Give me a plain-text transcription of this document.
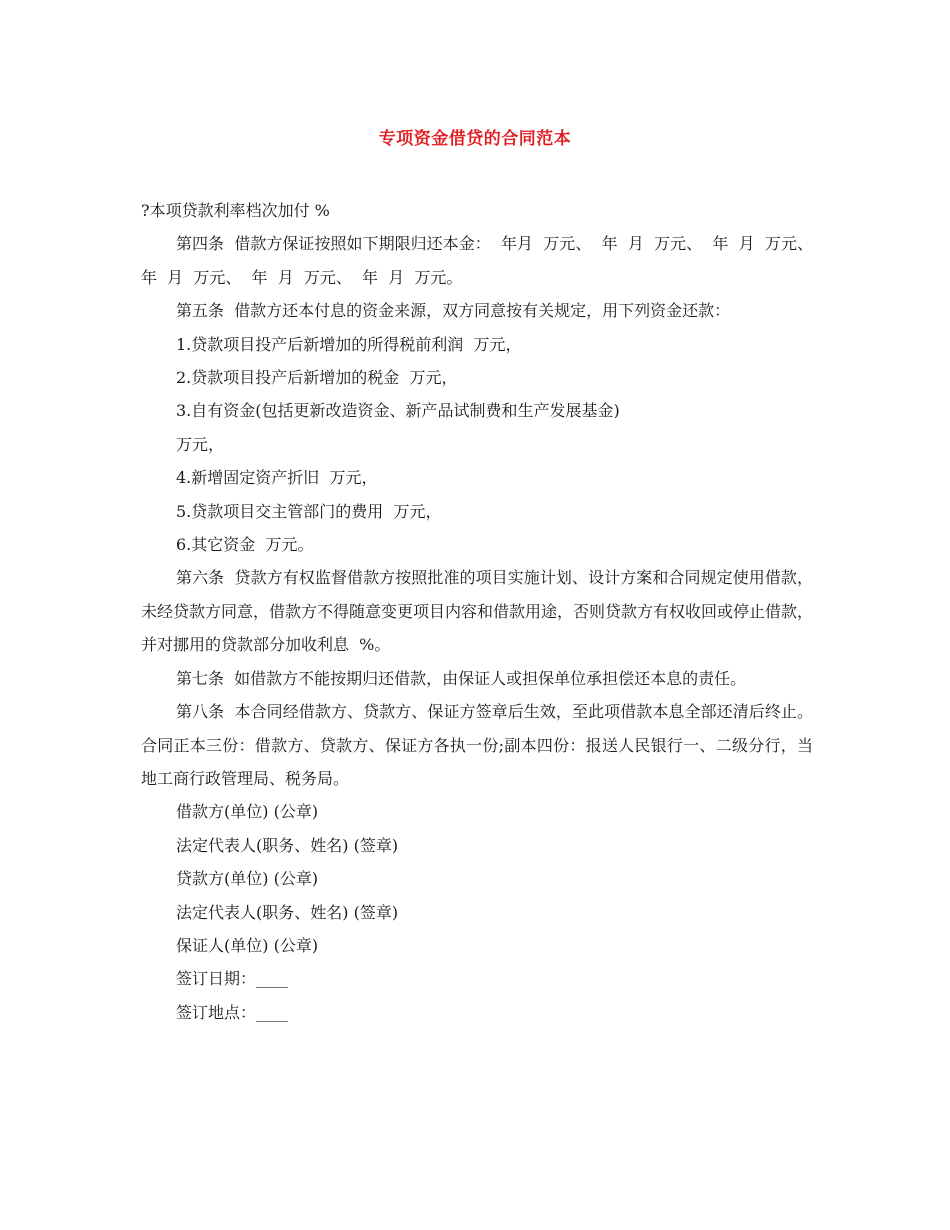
专项资金借贷的合同范本

?本项贷款利率档次加付 %

第四条  借款方保证按照如下期限归还本金：  年月  万元、  年  月  万元、  年  月  万元、年  月  万元、  年  月  万元、  年  月  万元。

第五条  借款方还本付息的资金来源，双方同意按有关规定，用下列资金还款：

1.贷款项目投产后新增加的所得税前利润  万元，

2.贷款项目投产后新增加的税金  万元，

3.自有资金(包括更新改造资金、新产品试制费和生产发展基金)

万元，

4.新增固定资产折旧  万元，

5.贷款项目交主管部门的费用  万元，

6.其它资金  万元。

第六条  贷款方有权监督借款方按照批准的项目实施计划、设计方案和合同规定使用借款，未经贷款方同意，借款方不得随意变更项目内容和借款用途，否则贷款方有权收回或停止借款，并对挪用的贷款部分加收利息  %。

第七条  如借款方不能按期归还借款，由保证人或担保单位承担偿还本息的责任。

第八条  本合同经借款方、贷款方、保证方签章后生效，至此项借款本息全部还清后终止。合同正本三份：借款方、贷款方、保证方各执一份;副本四份：报送人民银行一、二级分行，当地工商行政管理局、税务局。

借款方(单位) (公章)

法定代表人(职务、姓名) (签章)

贷款方(单位) (公章)

法定代表人(职务、姓名) (签章)

保证人(单位) (公章)

签订日期：____

签订地点：____
